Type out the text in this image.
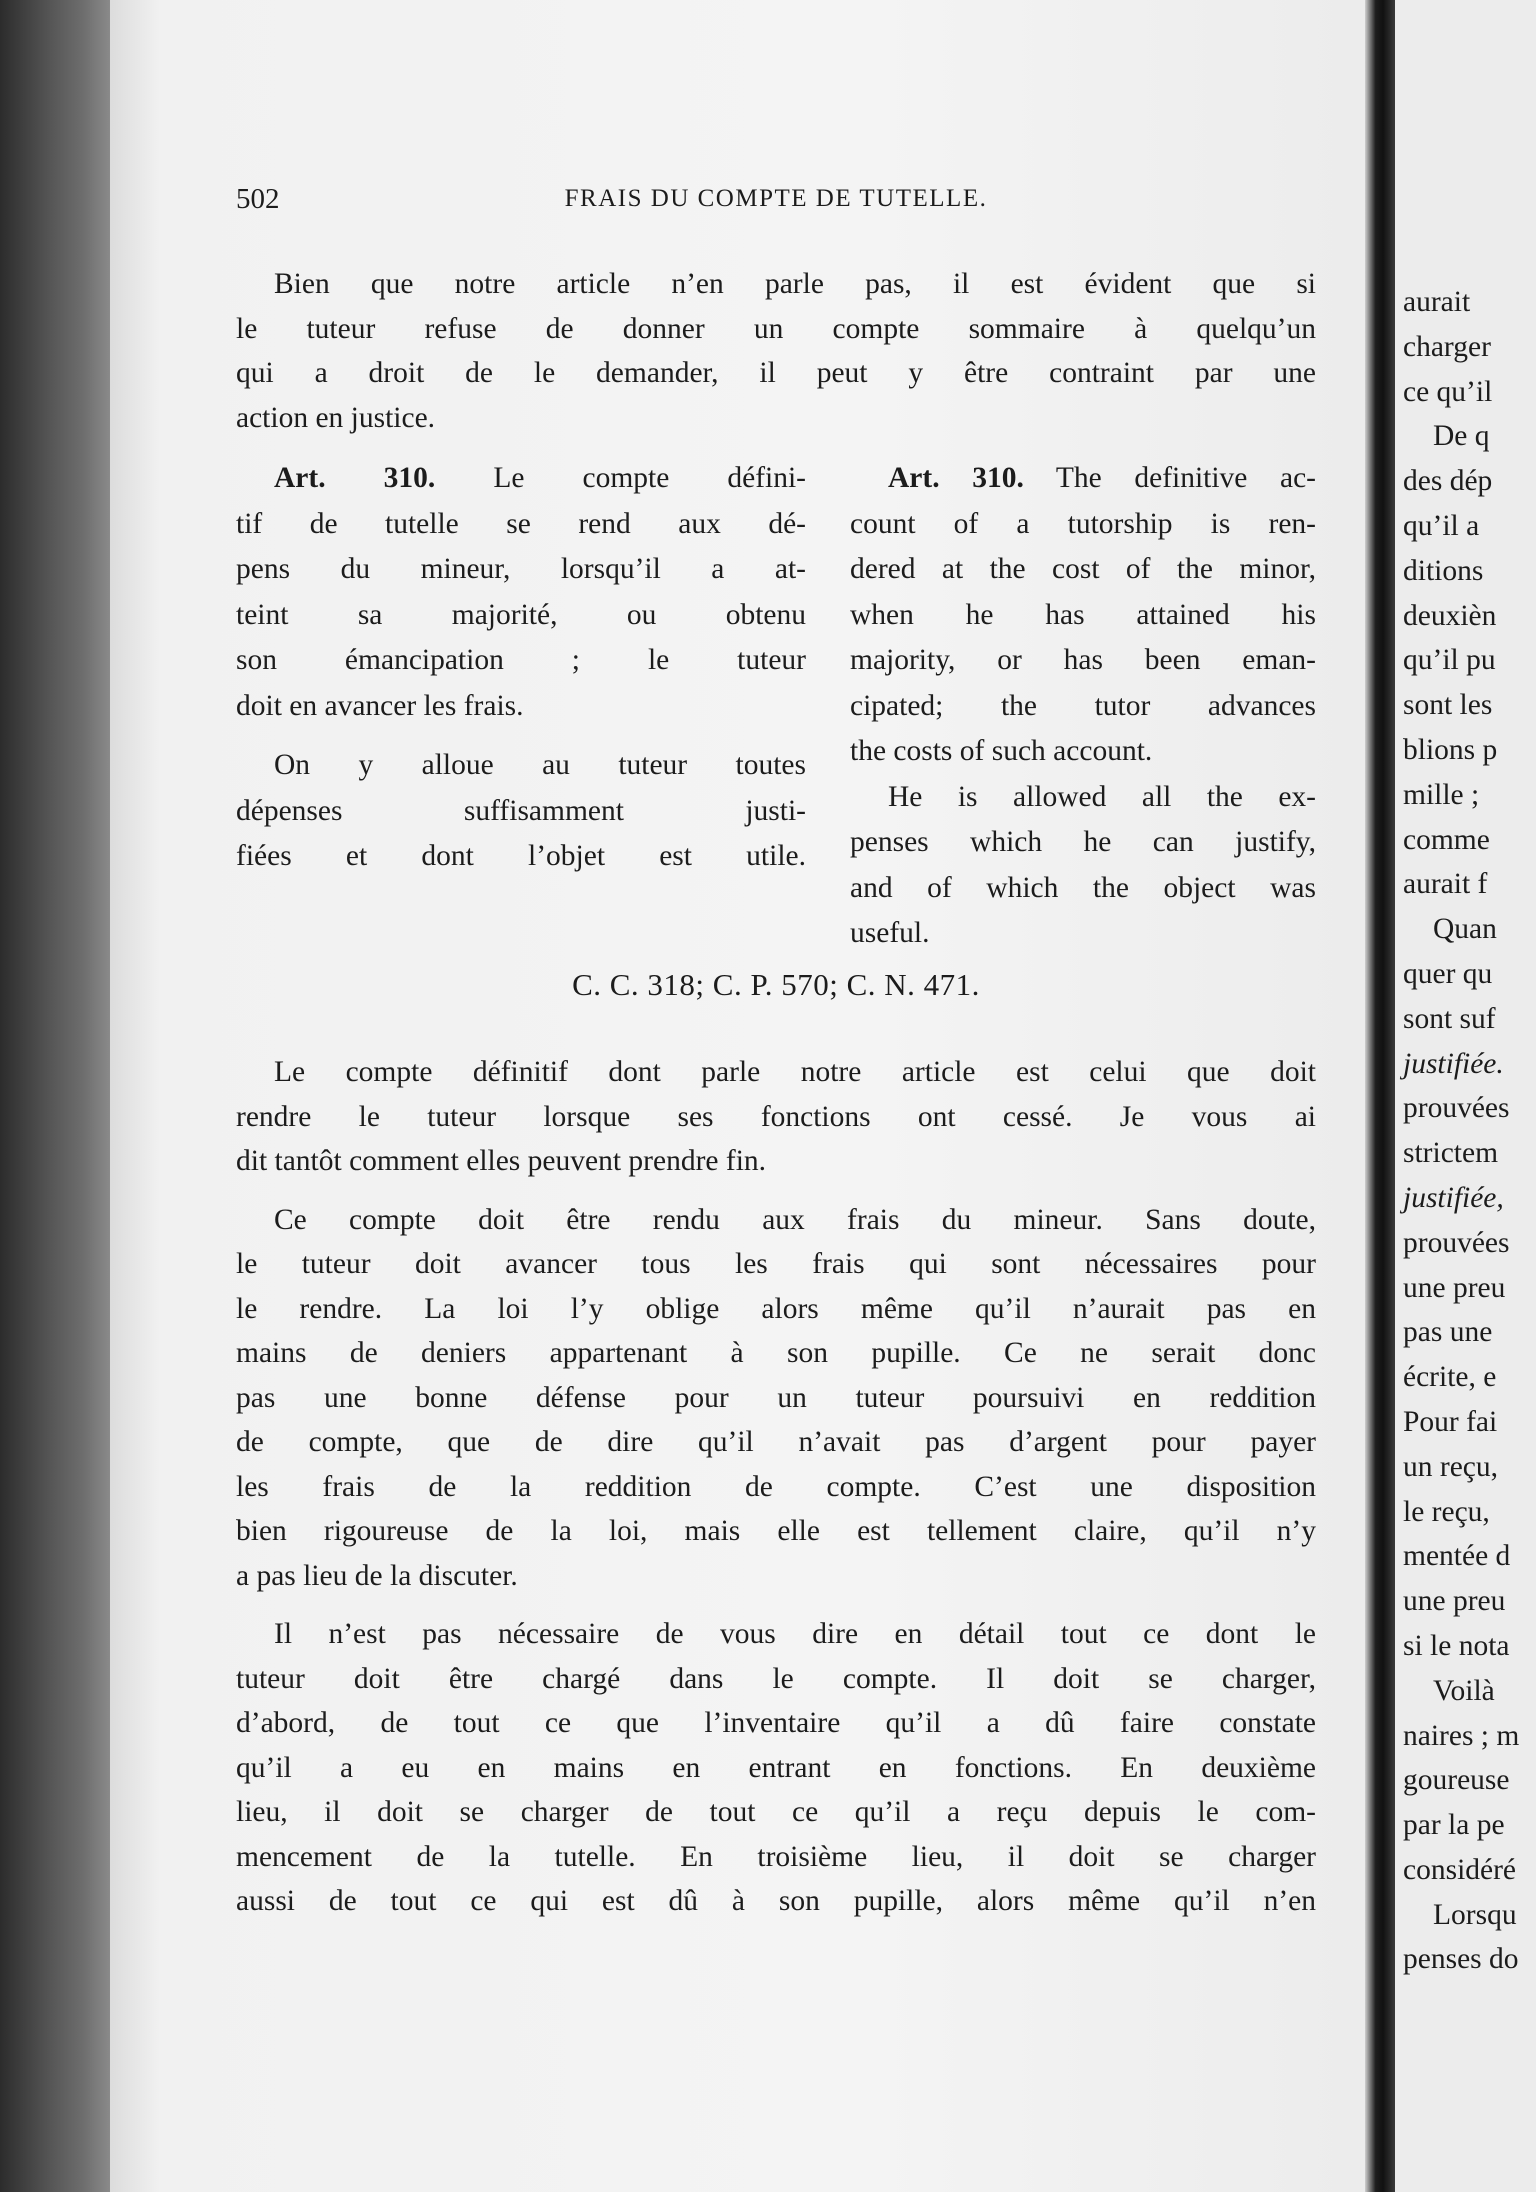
502	FRAIS DU COMPTE DE TUTELLE.
Bien que notre article n’en parle pas, il est évident que si
le tuteur refuse de donner un compte sommaire à quelqu’un
qui a droit de le demander, il peut y être contraint par une
action en justice.
Art. 310. Le compte défini-
tif de tutelle se rend aux dé-
pens du mineur, lorsqu’il a at-
teint sa majorité, ou obtenu
son émancipation ; le tuteur
doit en avancer les frais.
On y alloue au tuteur toutes
dépenses suffisamment justi-
fiées et dont l’objet est utile.
Art. 310. The definitive ac-
count of a tutorship is ren-
dered at the cost of the minor,
when he has attained his
majority, or has been eman-
cipated; the tutor advances
the costs of such account.
He is allowed all the ex-
penses which he can justify,
and of which the object was
useful.
C. C. 318; C. P. 570; C. N. 471.
Le compte définitif dont parle notre article est celui que doit
rendre le tuteur lorsque ses fonctions ont cessé. Je vous ai
dit tantôt comment elles peuvent prendre fin.
Ce compte doit être rendu aux frais du mineur. Sans doute,
le tuteur doit avancer tous les frais qui sont nécessaires pour
le rendre. La loi l’y oblige alors même qu’il n’aurait pas en
mains de deniers appartenant à son pupille. Ce ne serait donc
pas une bonne défense pour un tuteur poursuivi en reddition
de compte, que de dire qu’il n’avait pas d’argent pour payer
les frais de la reddition de compte. C’est une disposition
bien rigoureuse de la loi, mais elle est tellement claire, qu’il n’y
a pas lieu de la discuter.
Il n’est pas nécessaire de vous dire en détail tout ce dont le
tuteur doit être chargé dans le compte. Il doit se charger,
d’abord, de tout ce que l’inventaire qu’il a dû faire constate
qu’il a eu en mains en entrant en fonctions. En deuxième
lieu, il doit se charger de tout ce qu’il a reçu depuis le com-
mencement de la tutelle. En troisième lieu, il doit se charger
aussi de tout ce qui est dû à son pupille, alors même qu’il n’en
aurait
charger
ce qu’il
De q
des dép
qu’il a
ditions
deuxièn
qu’il pu
sont les
blions p
mille ;
comme
aurait f
Quan
quer qu
sont suf
justifiée.
prouvées
strictem
justifiée,
prouvées
une preu
pas une
écrite, e
Pour fai
un reçu,
le reçu,
mentée d
une preu
si le nota
Voilà
naires ; m
goureuse
par la pe
considéré
Lorsqu
penses do
